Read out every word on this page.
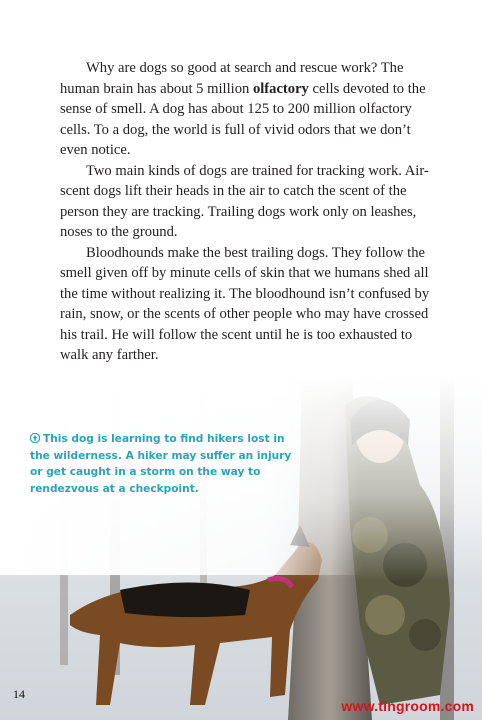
Why are dogs so good at search and rescue work? The human brain has about 5 million olfactory cells devoted to the sense of smell. A dog has about 125 to 200 million olfactory cells. To a dog, the world is full of vivid odors that we don’t even notice.

Two main kinds of dogs are trained for tracking work. Air-scent dogs lift their heads in the air to catch the scent of the person they are tracking. Trailing dogs work only on leashes, noses to the ground.

Bloodhounds make the best trailing dogs. They follow the smell given off by minute cells of skin that we humans shed all the time without realizing it. The bloodhound isn’t confused by rain, snow, or the scents of other people who may have crossed his trail. He will follow the scent until he is too exhausted to walk any farther.

This dog is learning to find hikers lost in the wilderness. A hiker may suffer an injury or get caught in a storm on the way to rendezvous at a checkpoint.
14
www.tingroom.com
